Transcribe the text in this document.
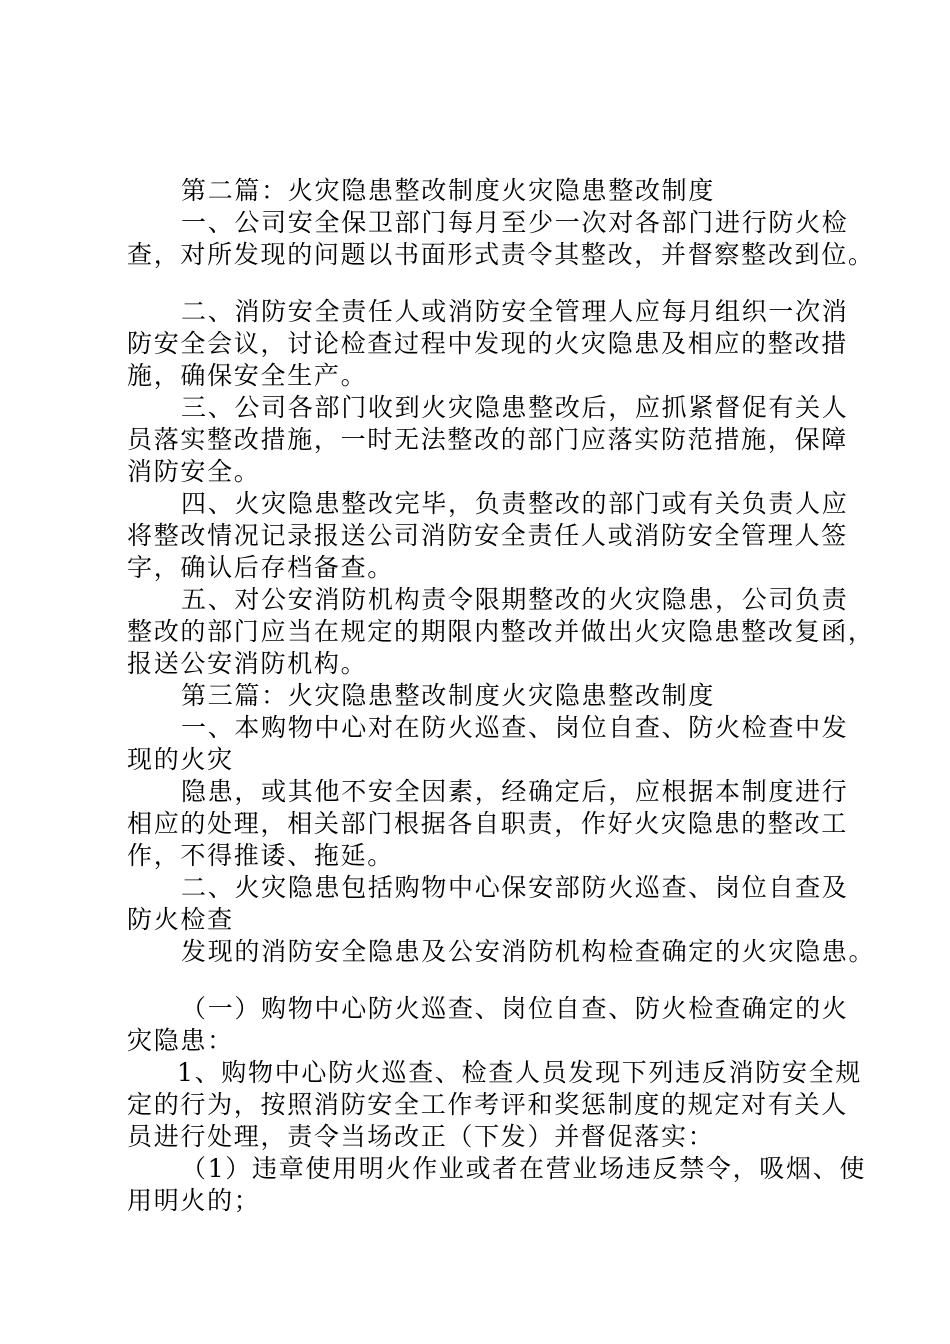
第二篇：火灾隐患整改制度火灾隐患整改制度
一、公司安全保卫部门每月至少一次对各部门进行防火检
查，对所发现的问题以书面形式责令其整改，并督察整改到位。
二、消防安全责任人或消防安全管理人应每月组织一次消
防安全会议，讨论检查过程中发现的火灾隐患及相应的整改措
施，确保安全生产。
三、公司各部门收到火灾隐患整改后，应抓紧督促有关人
员落实整改措施，一时无法整改的部门应落实防范措施，保障
消防安全。
四、火灾隐患整改完毕，负责整改的部门或有关负责人应
将整改情况记录报送公司消防安全责任人或消防安全管理人签
字，确认后存档备查。
五、对公安消防机构责令限期整改的火灾隐患，公司负责
整改的部门应当在规定的期限内整改并做出火灾隐患整改复函，
报送公安消防机构。
第三篇：火灾隐患整改制度火灾隐患整改制度
一、本购物中心对在防火巡查、岗位自查、防火检查中发
现的火灾
隐患，或其他不安全因素，经确定后，应根据本制度进行
相应的处理，相关部门根据各自职责，作好火灾隐患的整改工
作，不得推诿、拖延。
二、火灾隐患包括购物中心保安部防火巡查、岗位自查及
防火检查
发现的消防安全隐患及公安消防机构检查确定的火灾隐患。
（一）购物中心防火巡查、岗位自查、防火检查确定的火
灾隐患：
1、购物中心防火巡查、检查人员发现下列违反消防安全规
定的行为，按照消防安全工作考评和奖惩制度的规定对有关人
员进行处理，责令当场改正（下发）并督促落实：
（1）违章使用明火作业或者在营业场违反禁令，吸烟、使
用明火的；
